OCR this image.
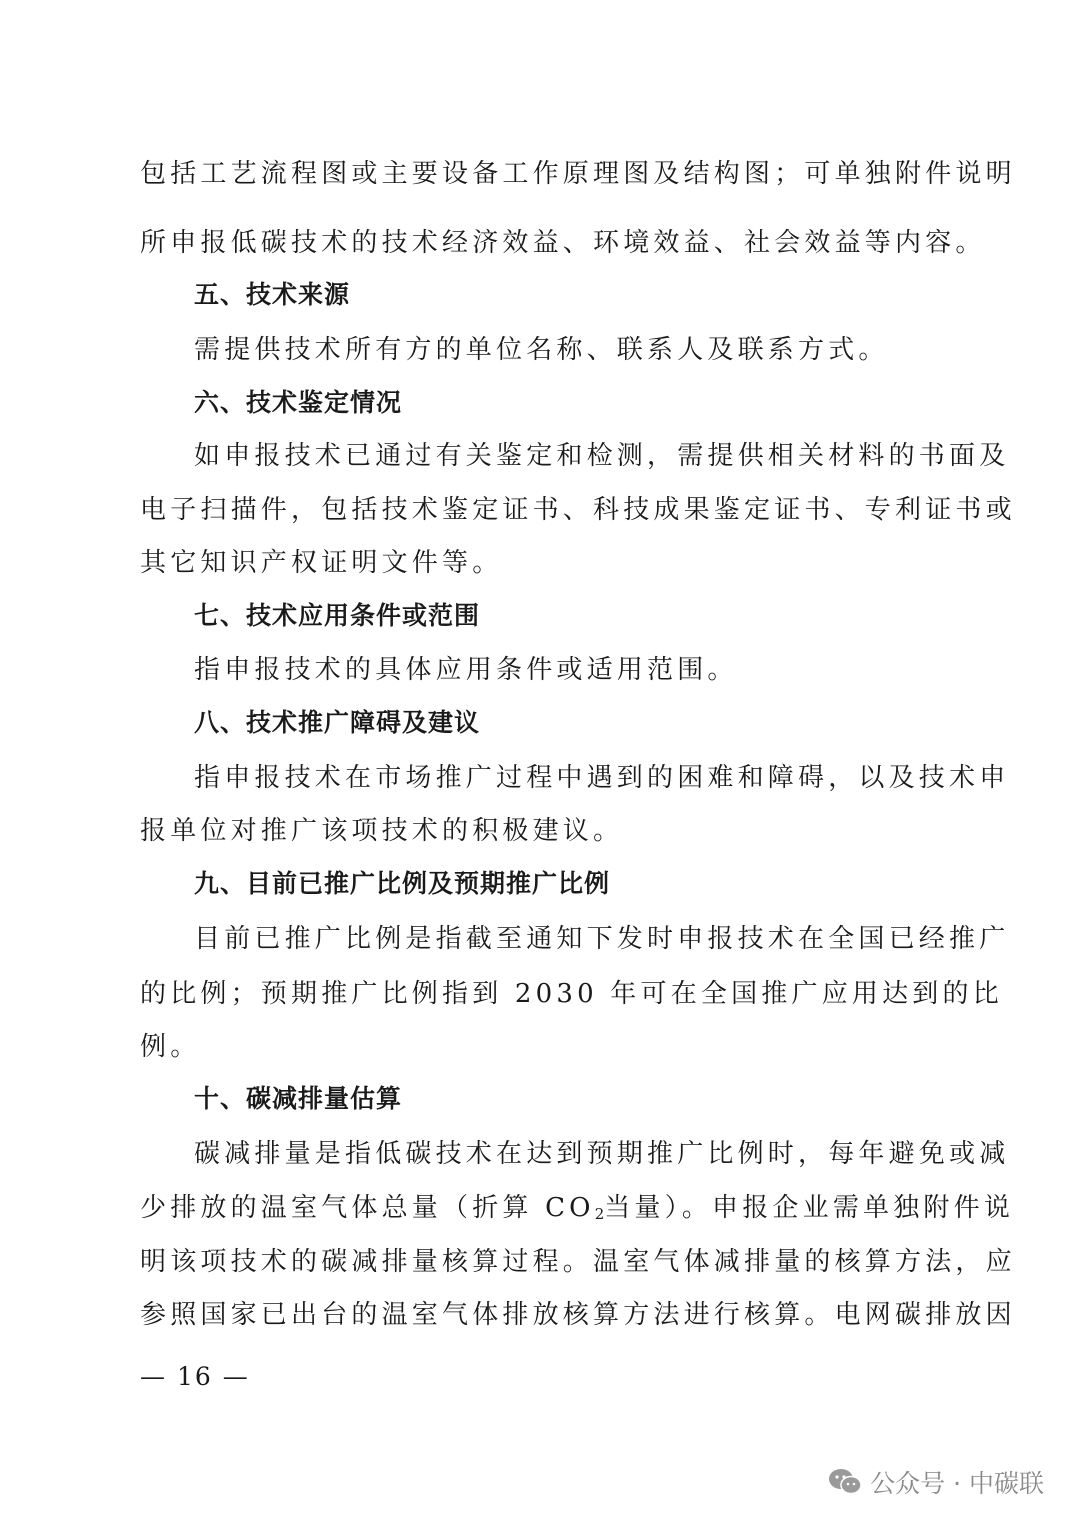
包括工艺流程图或主要设备工作原理图及结构图；可单独附件说明
所申报低碳技术的技术经济效益、环境效益、社会效益等内容。
五、技术来源
需提供技术所有方的单位名称、联系人及联系方式。
六、技术鉴定情况
如申报技术已通过有关鉴定和检测，需提供相关材料的书面及
电子扫描件，包括技术鉴定证书、科技成果鉴定证书、专利证书或
其它知识产权证明文件等。
七、技术应用条件或范围
指申报技术的具体应用条件或适用范围。
八、技术推广障碍及建议
指申报技术在市场推广过程中遇到的困难和障碍，以及技术申
报单位对推广该项技术的积极建议。
九、目前已推广比例及预期推广比例
目前已推广比例是指截至通知下发时申报技术在全国已经推广
的比例；预期推广比例指到 2030 年可在全国推广应用达到的比
例。
十、碳减排量估算
碳减排量是指低碳技术在达到预期推广比例时，每年避免或减
少排放的温室气体总量（折算 $CO_2$当量）。申报企业需单独附件说
明该项技术的碳减排量核算过程。温室气体减排量的核算方法，应
参照国家已出台的温室气体排放核算方法进行核算。电网碳排放因
— 16 —
公众号 · 中碳联
